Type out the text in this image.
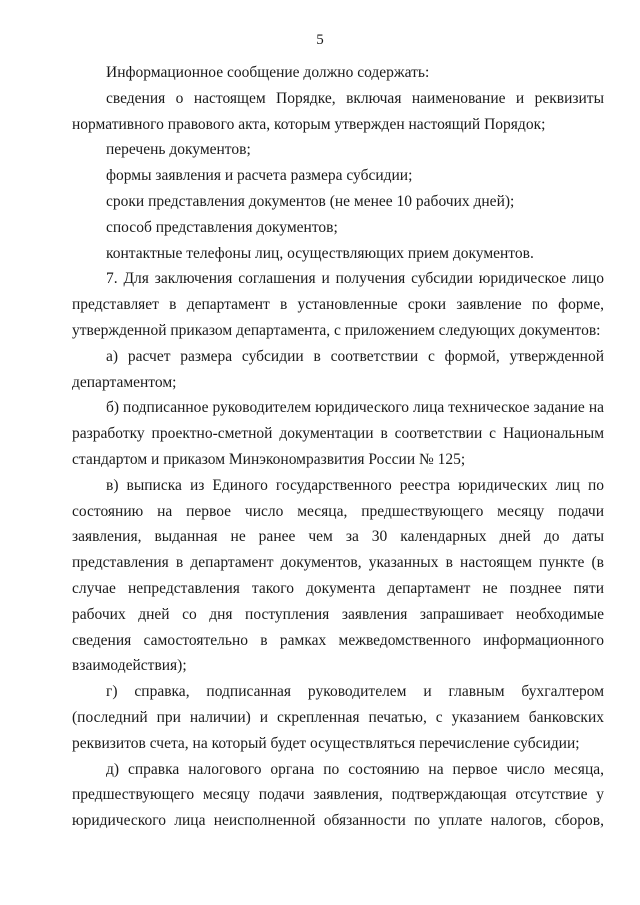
5

Информационное сообщение должно содержать:

сведения о настоящем Порядке, включая наименование и реквизиты нормативного правового акта, которым утвержден настоящий Порядок;

перечень документов;

формы заявления и расчета размера субсидии;

сроки представления документов (не менее 10 рабочих дней);

способ представления документов;

контактные телефоны лиц, осуществляющих прием документов.

7. Для заключения соглашения и получения субсидии юридическое лицо представляет в департамент в установленные сроки заявление по форме, утвержденной приказом департамента, с приложением следующих документов:

а) расчет размера субсидии в соответствии с формой, утвержденной департаментом;

б) подписанное руководителем юридического лица техническое задание на разработку проектно-сметной документации в соответствии с Национальным стандартом и приказом Минэкономразвития России № 125;

в) выписка из Единого государственного реестра юридических лиц по состоянию на первое число месяца, предшествующего месяцу подачи заявления, выданная не ранее чем за 30 календарных дней до даты представления в департамент документов, указанных в настоящем пункте (в случае непредставления такого документа департамент не позднее пяти рабочих дней со дня поступления заявления запрашивает необходимые сведения самостоятельно в рамках межведомственного информационного взаимодействия);

г) справка, подписанная руководителем и главным бухгалтером (последний при наличии) и скрепленная печатью, с указанием банковских реквизитов счета, на который будет осуществляться перечисление субсидии;

д) справка налогового органа по состоянию на первое число месяца, предшествующего месяцу подачи заявления, подтверждающая отсутствие у юридического лица неисполненной обязанности по уплате налогов, сборов,
